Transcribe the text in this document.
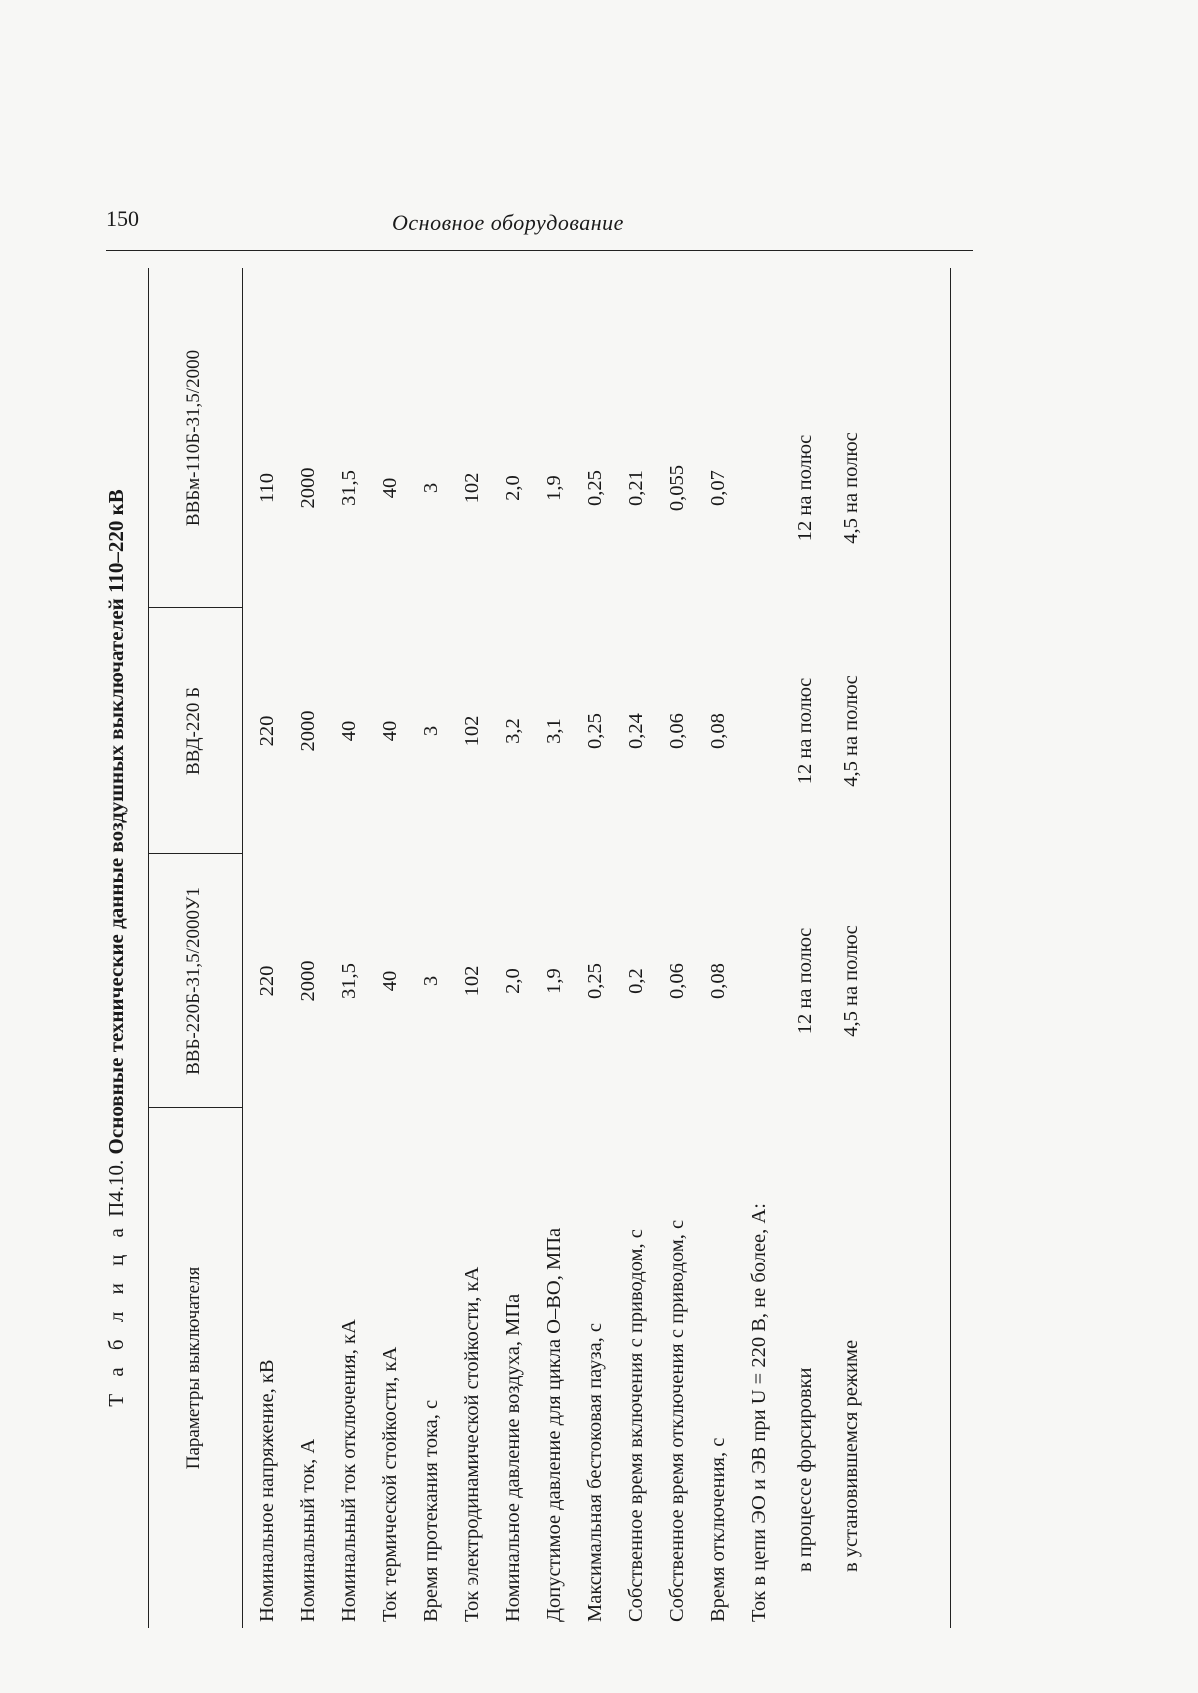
150	Основное оборудование
Т а б л и ц а П4.10. Основные технические данные воздушных выключателей 110–220 кВ
Параметры выключателя
ВВБ-220Б-31,5/2000У1
ВВД-220 Б
ВВБм-110Б-31,5/2000
Номинальное напряжение, кВ
220
220
110
Номинальный ток, А
2000
2000
2000
Номинальный ток отключения, кА
31,5
40
31,5
Ток термической стойкости, кА
40
40
40
Время протекания тока, с
3
3
3
Ток электродинамической стойкости, кА
102
102
102
Номинальное давление воздуха, МПа
2,0
3,2
2,0
Допустимое давление для цикла О–ВО, МПа
1,9
3,1
1,9
Максимальная бестоковая пауза, с
0,25
0,25
0,25
Собственное время включения с приводом, с
0,2
0,24
0,21
Собственное время отключения с приводом, с
0,06
0,06
0,055
Время отключения, с
0,08
0,08
0,07
Ток в цепи ЭО и ЭВ при U = 220 В, не более, А: в процессе форсировки
12 на полюс
12 на полюс
12 на полюс
в установившемся режиме
4,5 на полюс
4,5 на полюс
4,5 на полюс
